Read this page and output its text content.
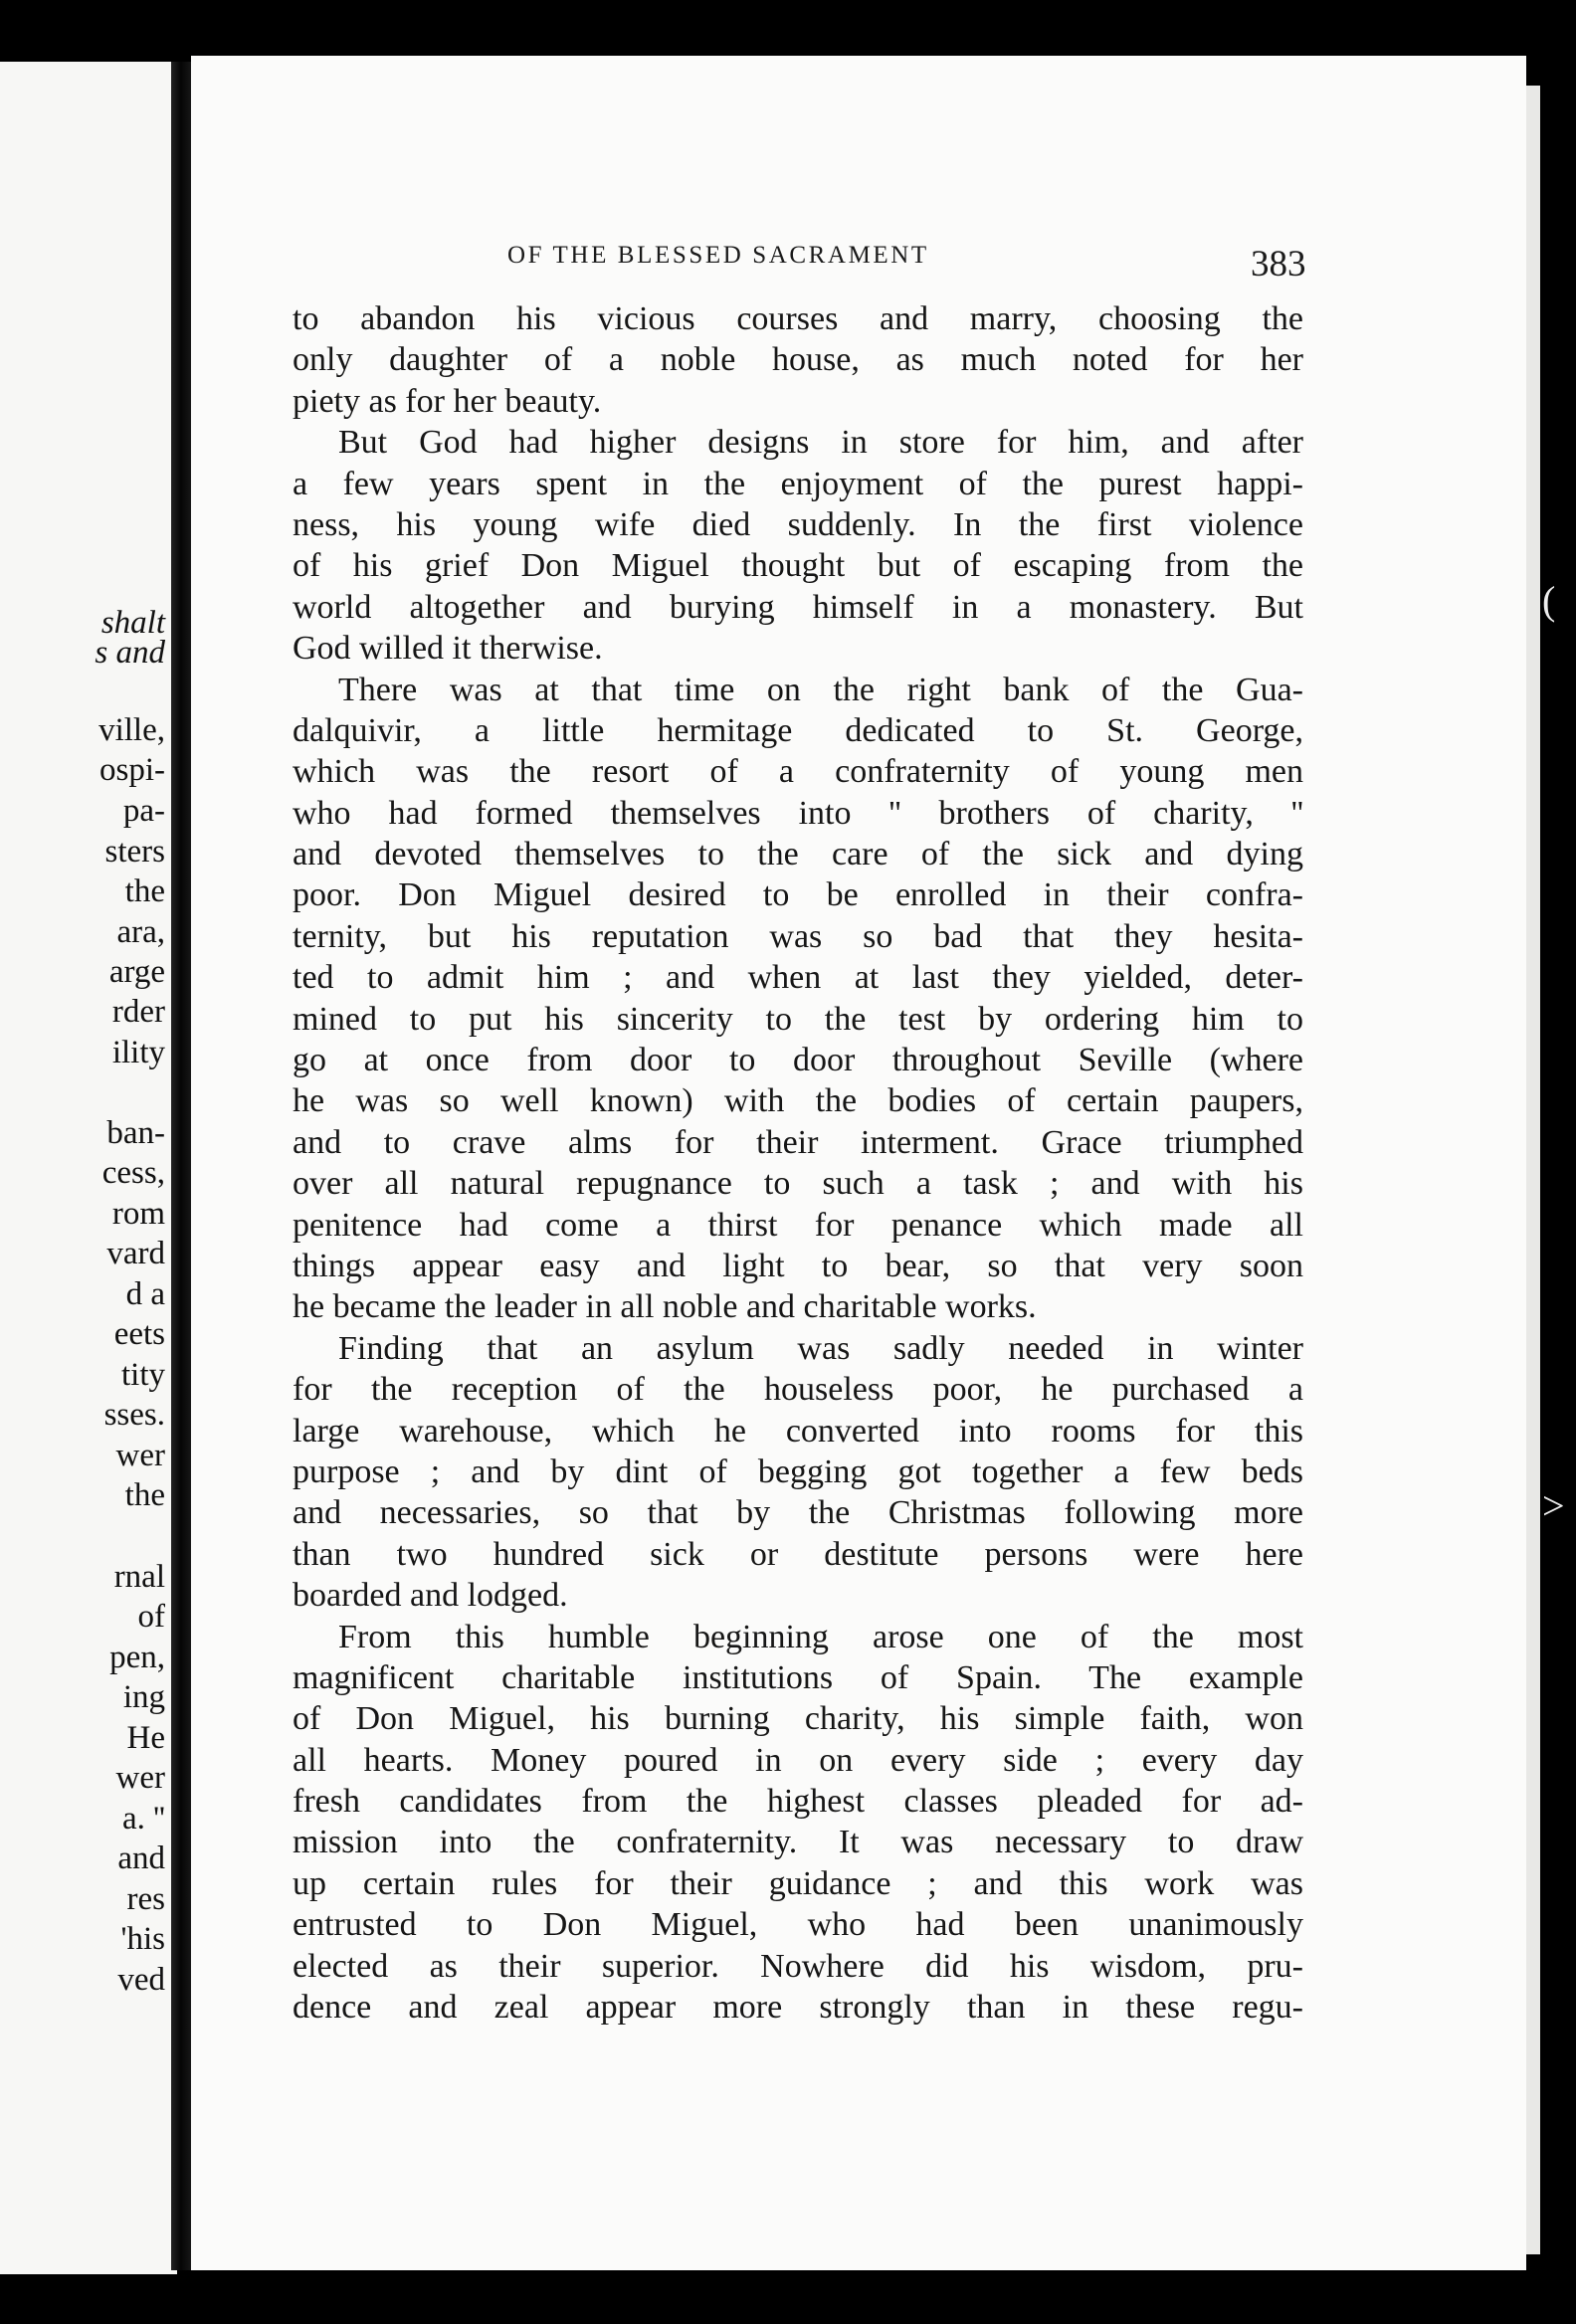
OF THE BLESSED SACRAMENT	383
to abandon his vicious courses and marry, choosing the
only daughter of a noble house, as much noted for her
piety as for her beauty.
But God had higher designs in store for him, and after
a few years spent in the enjoyment of the purest happi-
ness, his young wife died suddenly. In the first violence
of his grief Don Miguel thought but of escaping from the
world altogether and burying himself in a monastery. But
God willed it therwise.
There was at that time on the right bank of the Gua-
dalquivir, a little hermitage dedicated to St. George,
which was the resort of a confraternity of young men
who had formed themselves into '' brothers of charity, ''
and devoted themselves to the care of the sick and dying
poor. Don Miguel desired to be enrolled in their confra-
ternity, but his reputation was so bad that they hesita-
ted to admit him ; and when at last they yielded, deter-
mined to put his sincerity to the test by ordering him to
go at once from door to door throughout Seville (where
he was so well known) with the bodies of certain paupers,
and to crave alms for their interment. Grace triumphed
over all natural repugnance to such a task ; and with his
penitence had come a thirst for penance which made all
things appear easy and light to bear, so that very soon
he became the leader in all noble and charitable works.
Finding that an asylum was sadly needed in winter
for the reception of the houseless poor, he purchased a
large warehouse, which he converted into rooms for this
purpose ; and by dint of begging got together a few beds
and necessaries, so that by the Christmas following more
than two hundred sick or destitute persons were here
boarded and lodged.
From this humble beginning arose one of the most
magnificent charitable institutions of Spain. The example
of Don Miguel, his burning charity, his simple faith, won
all hearts. Money poured in on every side ; every day
fresh candidates from the highest classes pleaded for ad-
mission into the confraternity. It was necessary to draw
up certain rules for their guidance ; and this work was
entrusted to Don Miguel, who had been unanimously
elected as their superior. Nowhere did his wisdom, pru-
dence and zeal appear more strongly than in these regu-
shalt
s and
ville,
ospi-
pa-
sters
the
ara,
arge
rder
ility
ban-
cess,
rom
vard
d a
eets
tity
sses.
wer
the
rnal
of
pen,
ing
He
wer
a. ''
and
res
'his
ved
(
>
